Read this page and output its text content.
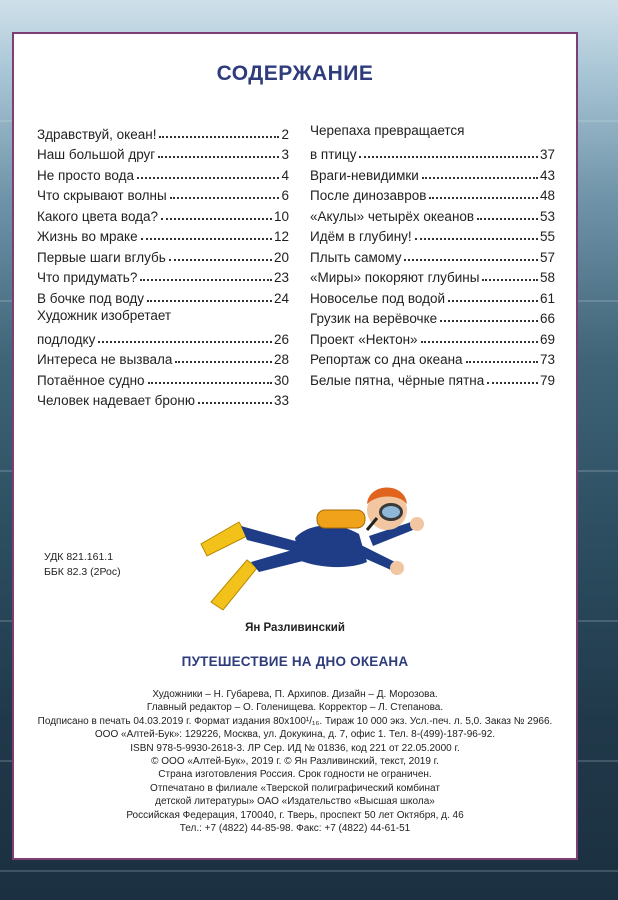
СОДЕРЖАНИЕ
Здравствуй, океан!	2
Наш большой друг	3
Не просто вода	4
Что скрывают волны	6
Какого цвета вода?	10
Жизнь во мраке	12
Первые шаги вглубь	20
Что придумать?	23
В бочке под воду	24
Художник изобретает
подлодку	26
Интереса не вызвала	28
Потаённое судно	30
Человек надевает броню	33
Черепаха превращается
в птицу	37
Враги-невидимки	43
После динозавров	48
«Акулы» четырёх океанов	53
Идём в глубину!	55
Плыть самому	57
«Миры» покоряют глубины	58
Новоселье под водой	61
Грузик на верёвочке	66
Проект «Нектон»	69
Репортаж со дна океана	73
Белые пятна, чёрные пятна	79
УДК 821.161.1
ББК 82.3 (2Рос)
Ян Разливинский
ПУТЕШЕСТВИЕ НА ДНО ОКЕАНА
Художники – Н. Губарева, П. Архипов. Дизайн – Д. Морозова.
Главный редактор – О. Голенищева. Корректор – Л. Степанова.
Подписано в печать 04.03.2019 г. Формат издания 80x100¹/₁₆. Тираж 10 000 экз. Усл.-печ. л. 5,0. Заказ № 2966.
ООО «Алтей-Бук»: 129226, Москва, ул. Докукина, д. 7, офис 1. Тел. 8-(499)-187-96-92.
ISBN 978-5-9930-2618-3. ЛР Сер. ИД № 01836, код 221 от 22.05.2000 г.
© ООО «Алтей-Бук», 2019 г. © Ян Разливинский, текст, 2019 г.
Страна изготовления Россия. Срок годности не ограничен.
Отпечатано в филиале «Тверской полиграфический комбинат
детской литературы» ОАО «Издательство «Высшая школа»
Российская Федерация, 170040, г. Тверь, проспект 50 лет Октября, д. 46
Тел.: +7 (4822) 44-85-98. Факс: +7 (4822) 44-61-51
